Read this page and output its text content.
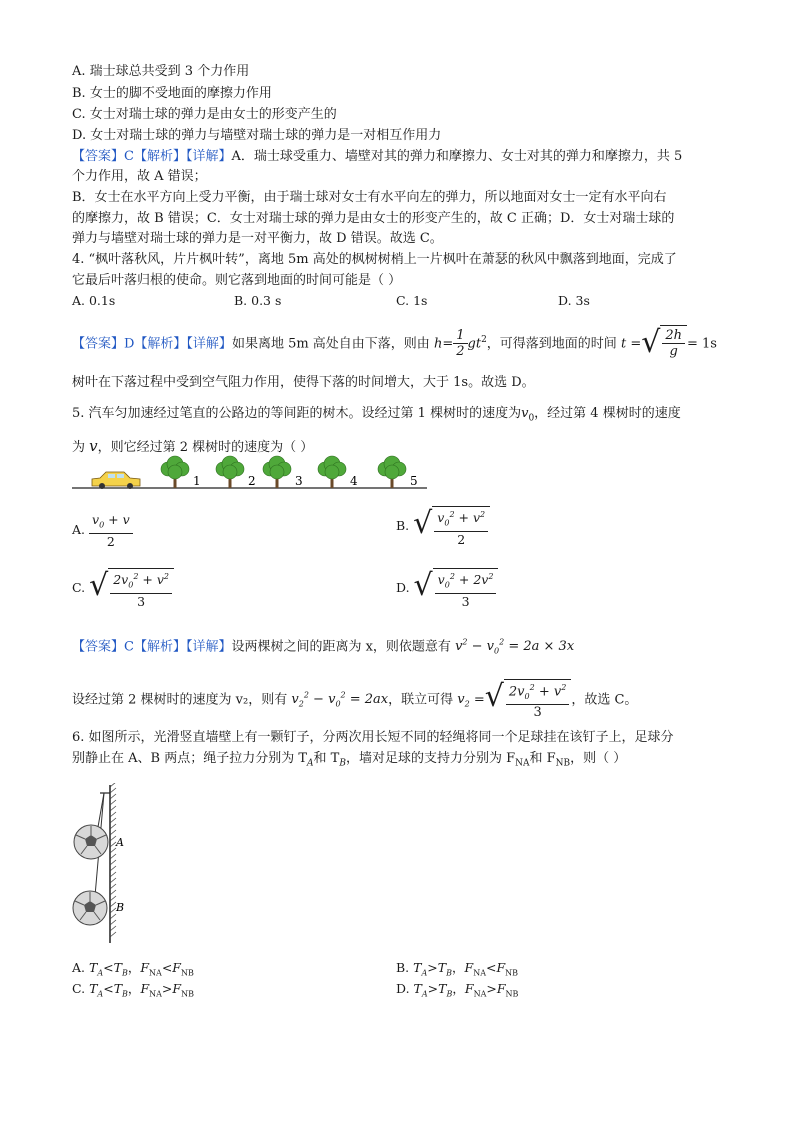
A. 瑞士球总共受到 3 个力作用
B. 女士的脚不受地面的摩擦力作用
C. 女士对瑞士球的弹力是由女士的形变产生的
D. 女士对瑞士球的弹力与墙壁对瑞士球的弹力是一对相互作用力
【答案】C【解析】【详解】A．瑞士球受重力、墙壁对其的弹力和摩擦力、女士对其的弹力和摩擦力，共 5
个力作用，故 A 错误；
B．女士在水平方向上受力平衡，由于瑞士球对女士有水平向左的弹力，所以地面对女士一定有水平向右
的摩擦力，故 B 错误；C．女士对瑞士球的弹力是由女士的形变产生的，故 C 正确；D．女士对瑞士球的
弹力与墙壁对瑞士球的弹力是一对平衡力，故 D 错误。故选 C。
4. “枫叶落秋风，片片枫叶转”，离地 5m 高处的枫树树梢上一片枫叶在萧瑟的秋风中飘落到地面，完成了
它最后叶落归根的使命。则它落到地面的时间可能是（ ）
A. 0.1s	B. 0.3 s	C. 1s	D. 3s
【答案】D【解析】【详解】如果离地 5m 高处自由下落，则由 $h= \frac{1}{2} gt^2$，可得落到地面的时间 t = √ $\frac{2h}{g} = 1s$
树叶在下落过程中受到空气阻力作用，使得下落的时间增大，大于 1s。故选 D。
5. 汽车匀加速经过笔直的公路边的等间距的树木。设经过第 1 棵树时的速度为$v_0$，经过第 4 棵树时的速度
为 v，则它经过第 2 棵树时的速度为（ ）
1	2	3	4	5
A. $\frac{v_0 + v}{2}$	B. √ $\frac{v_0^2 + v^2}{2}$
C. √ $\frac{2v_0^2 + v^2}{3}$	D. √ $\frac{v_0^2 + 2v^2}{3}$
【答案】C【解析】【详解】设两棵树之间的距离为 x，则依题意有 $v^2 - v_0^2 = 2a \times 3x$
设经过第 2 棵树时的速度为 v₂，则有 $v_2^2 - v_0^2 = 2ax$，联立可得 $v_2$ = √ $\frac{2v_0^2 + v^2}{3}$ ，故选 C。
6. 如图所示，光滑竖直墙壁上有一颗钉子，分两次用长短不同的轻绳将同一个足球挂在该钉子上，足球分
别静止在 A、B 两点；绳子拉力分别为 $T_A$和 $T_B$，墙对足球的支持力分别为 $F_{NA}$和 $F_{NB}$，则（ ）
A
B
A. $T_A<T_B$，$F_{NA}<F_{NB}$	B. $T_A>T_B$，$F_{NA}<F_{NB}$
C. $T_A<T_B$，$F_{NA}>F_{NB}$	D. $T_A>T_B$，$F_{NA}>F_{NB}$
